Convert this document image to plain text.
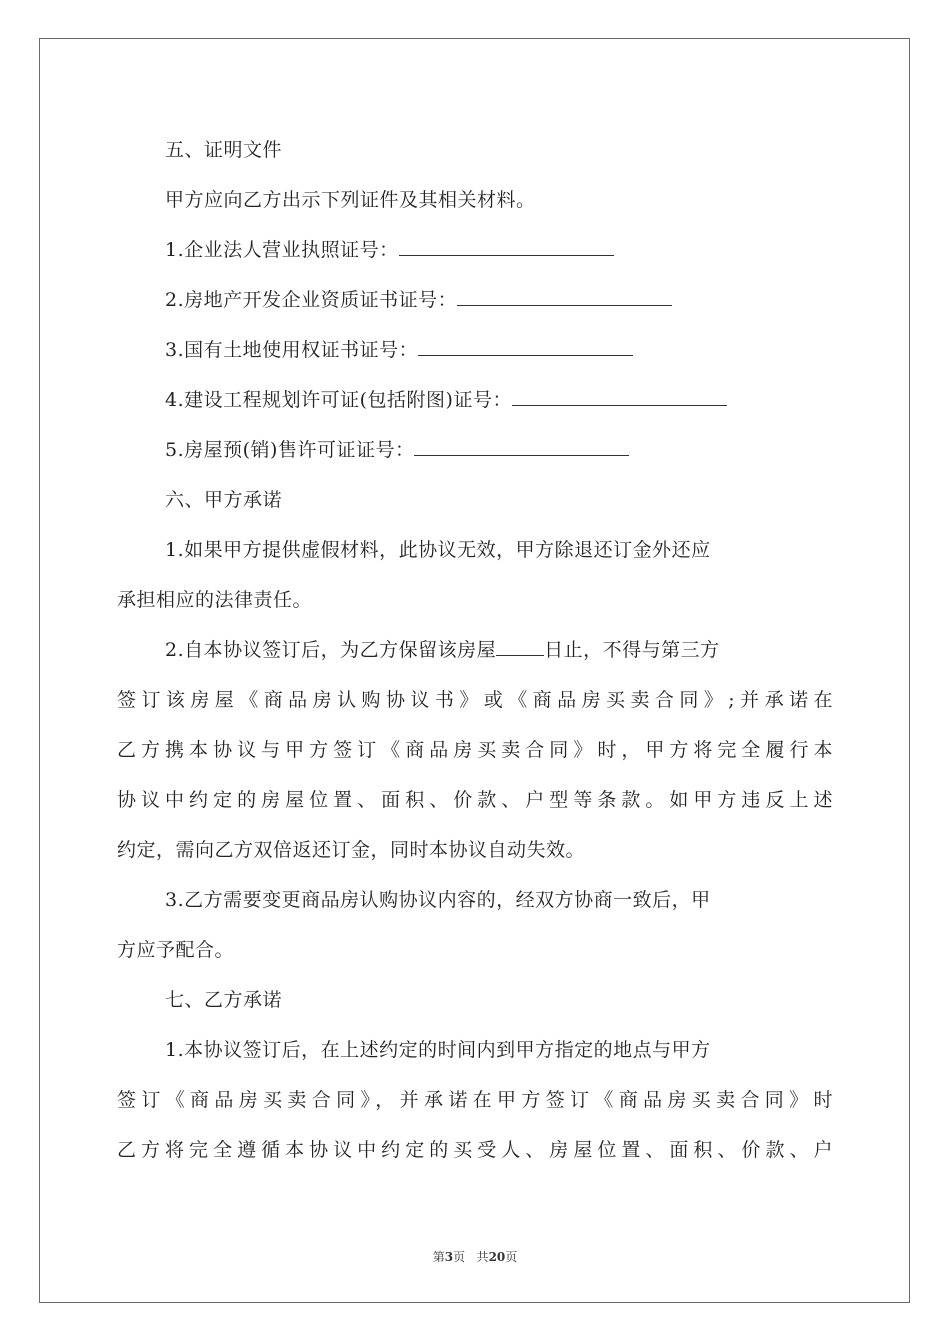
五、证明文件
甲方应向乙方出示下列证件及其相关材料。
1.企业法人营业执照证号：
2.房地产开发企业资质证书证号：
3.国有土地使用权证书证号：
4.建设工程规划许可证(包括附图)证号：
5.房屋预(销)售许可证证号：
六、甲方承诺
1.如果甲方提供虚假材料，此协议无效，甲方除退还订金外还应
承担相应的法律责任。
2.自本协议签订后，为乙方保留该房屋	日止，不得与第三方
签订该房屋《商品房认购协议书》或《商品房买卖合同》;并承诺在
乙方携本协议与甲方签订《商品房买卖合同》时，甲方将完全履行本
协议中约定的房屋位置、面积、价款、户型等条款。如甲方违反上述
约定，需向乙方双倍返还订金，同时本协议自动失效。
3.乙方需要变更商品房认购协议内容的，经双方协商一致后，甲
方应予配合。
七、乙方承诺
1.本协议签订后，在上述约定的时间内到甲方指定的地点与甲方
签订《商品房买卖合同》，并承诺在甲方签订《商品房买卖合同》时
乙方将完全遵循本协议中约定的买受人、房屋位置、面积、价款、户
第3页 共20页
